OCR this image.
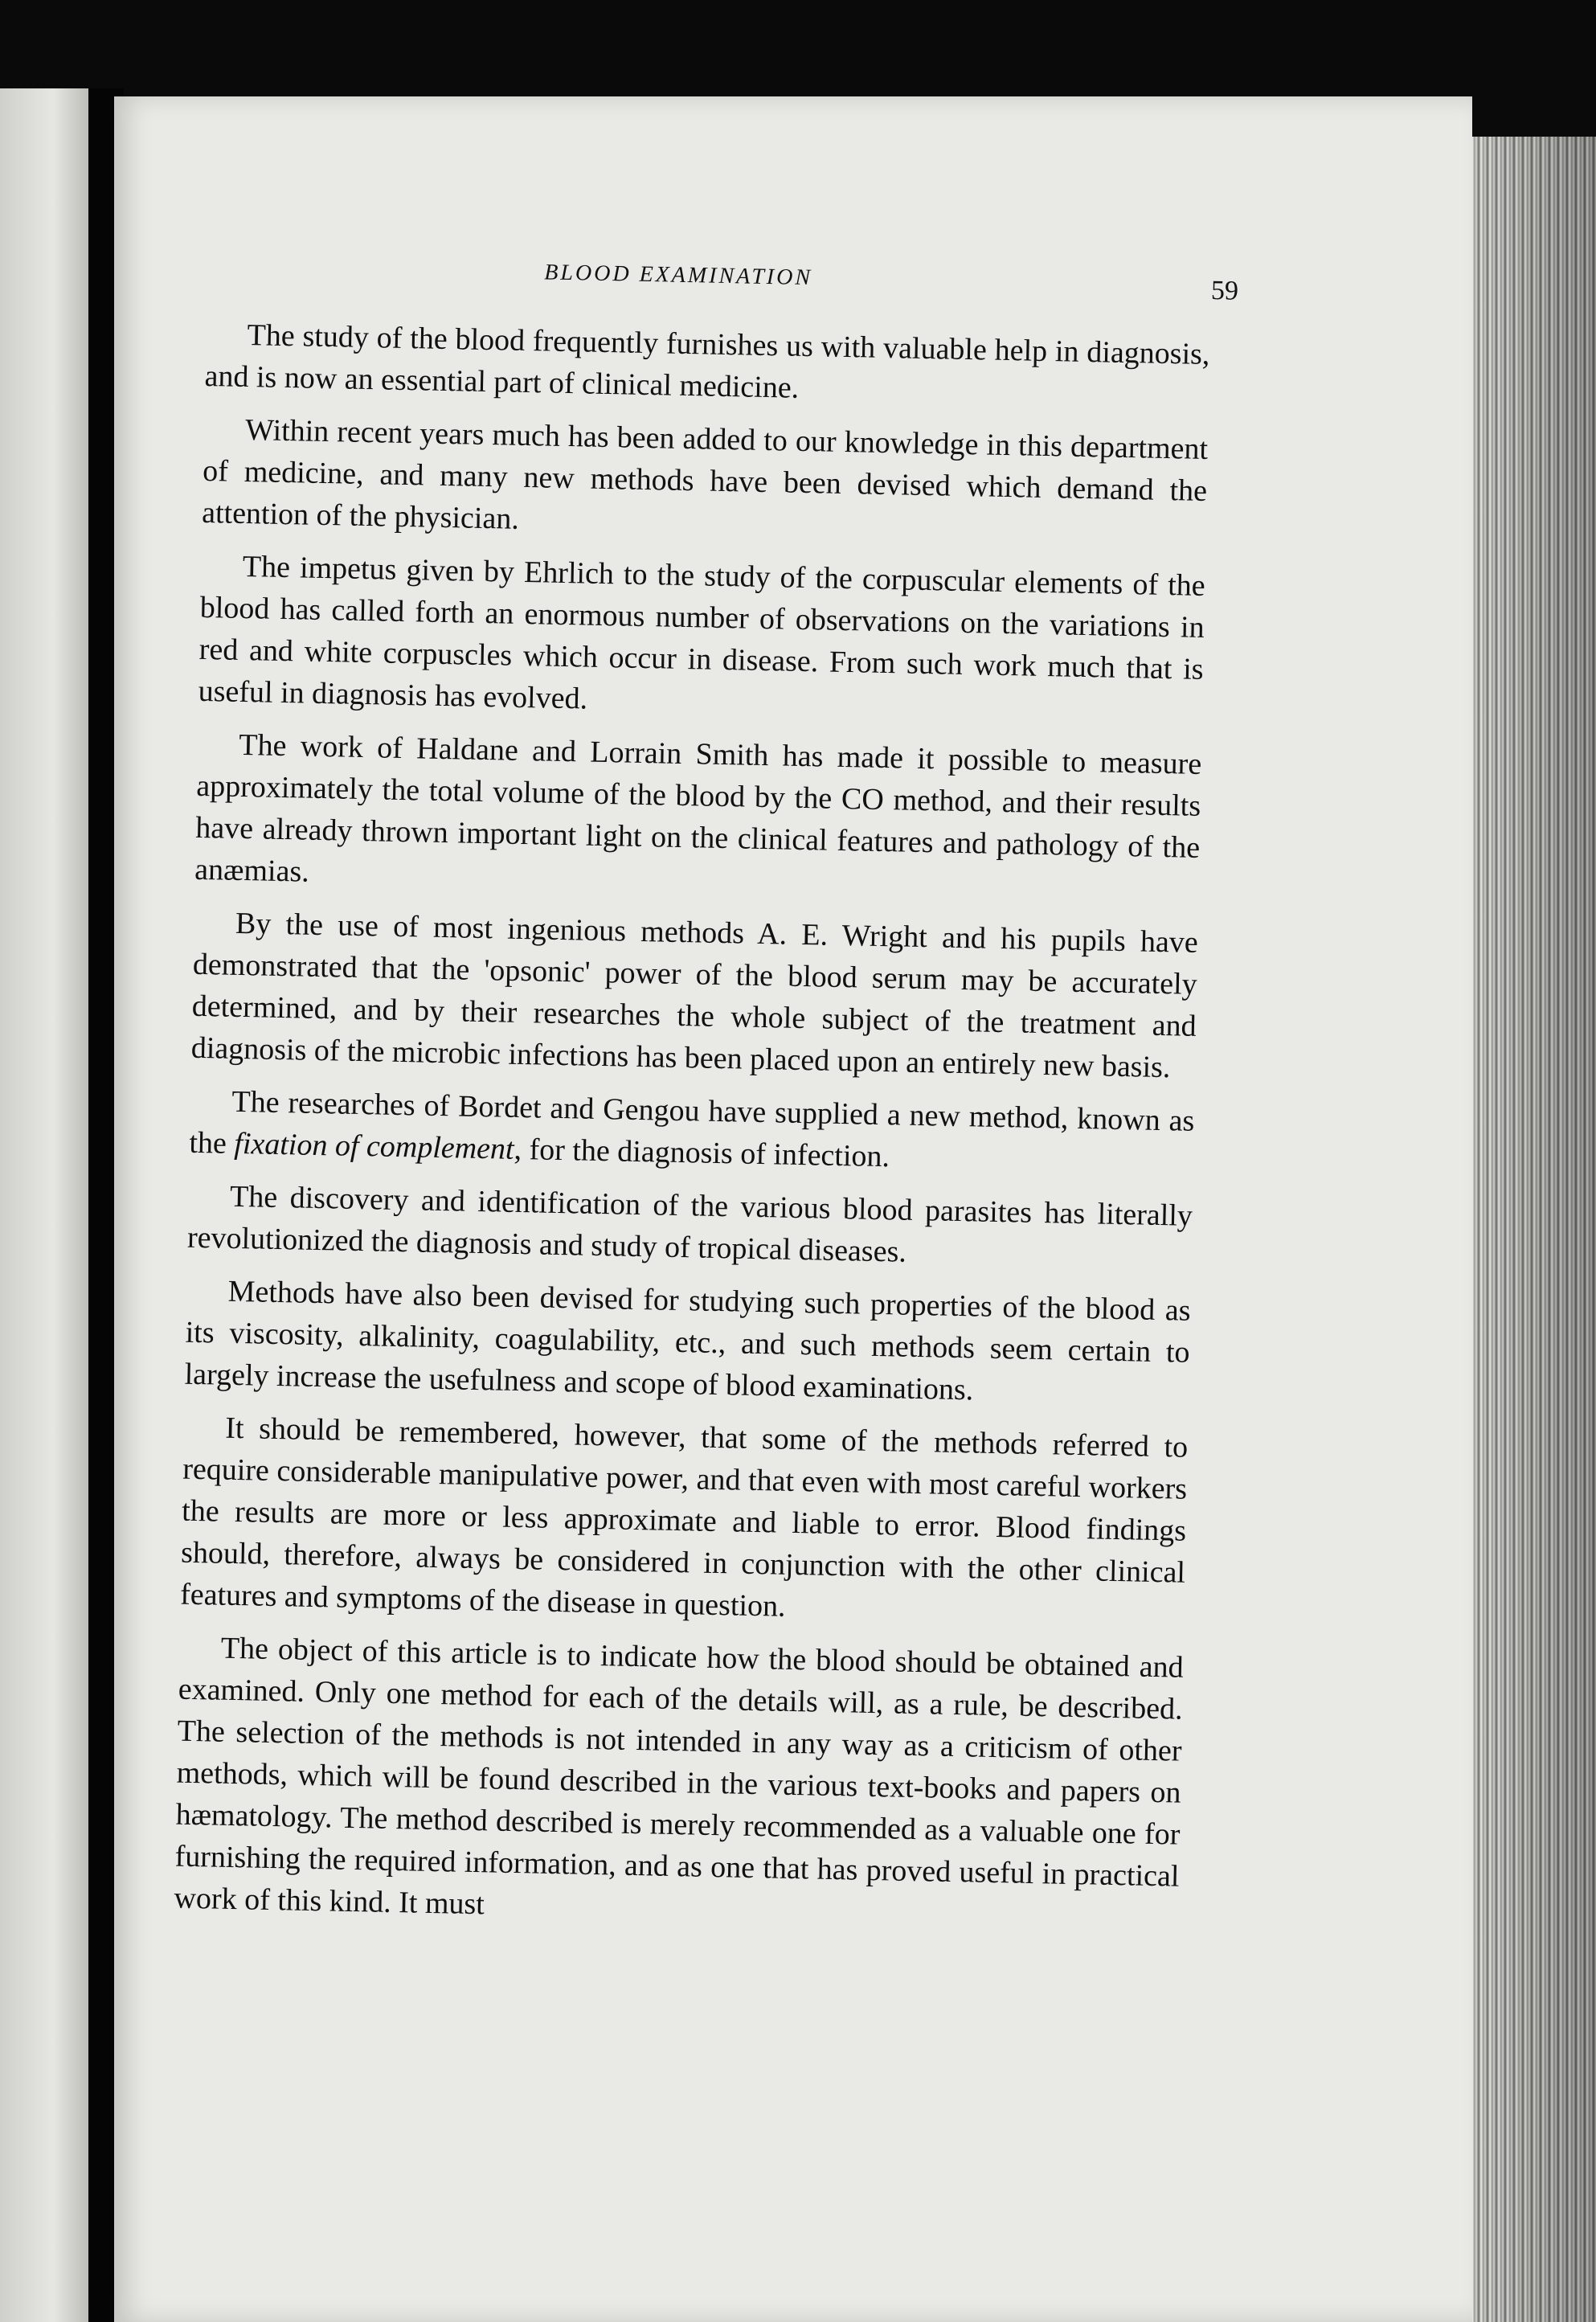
BLOOD EXAMINATION
59

The study of the blood frequently furnishes us with valuable help in diagnosis, and is now an essential part of clinical medicine.

Within recent years much has been added to our knowledge in this department of medicine, and many new methods have been devised which demand the attention of the physician.

The impetus given by Ehrlich to the study of the corpuscular elements of the blood has called forth an enormous number of observations on the variations in red and white corpuscles which occur in disease. From such work much that is useful in diagnosis has evolved.

The work of Haldane and Lorrain Smith has made it possible to measure approximately the total volume of the blood by the CO method, and their results have already thrown important light on the clinical features and pathology of the anæmias.

By the use of most ingenious methods A. E. Wright and his pupils have demonstrated that the 'opsonic' power of the blood serum may be accurately determined, and by their researches the whole subject of the treatment and diagnosis of the microbic infections has been placed upon an entirely new basis.

The researches of Bordet and Gengou have supplied a new method, known as the fixation of complement, for the diagnosis of infection.

The discovery and identification of the various blood parasites has literally revolutionized the diagnosis and study of tropical diseases.

Methods have also been devised for studying such properties of the blood as its viscosity, alkalinity, coagulability, etc., and such methods seem certain to largely increase the usefulness and scope of blood examinations.

It should be remembered, however, that some of the methods referred to require considerable manipulative power, and that even with most careful workers the results are more or less approximate and liable to error. Blood findings should, therefore, always be considered in conjunction with the other clinical features and symptoms of the disease in question.

The object of this article is to indicate how the blood should be obtained and examined. Only one method for each of the details will, as a rule, be described. The selection of the methods is not intended in any way as a criticism of other methods, which will be found described in the various text-books and papers on hæmatology. The method described is merely recommended as a valuable one for furnishing the required information, and as one that has proved useful in practical work of this kind. It must
